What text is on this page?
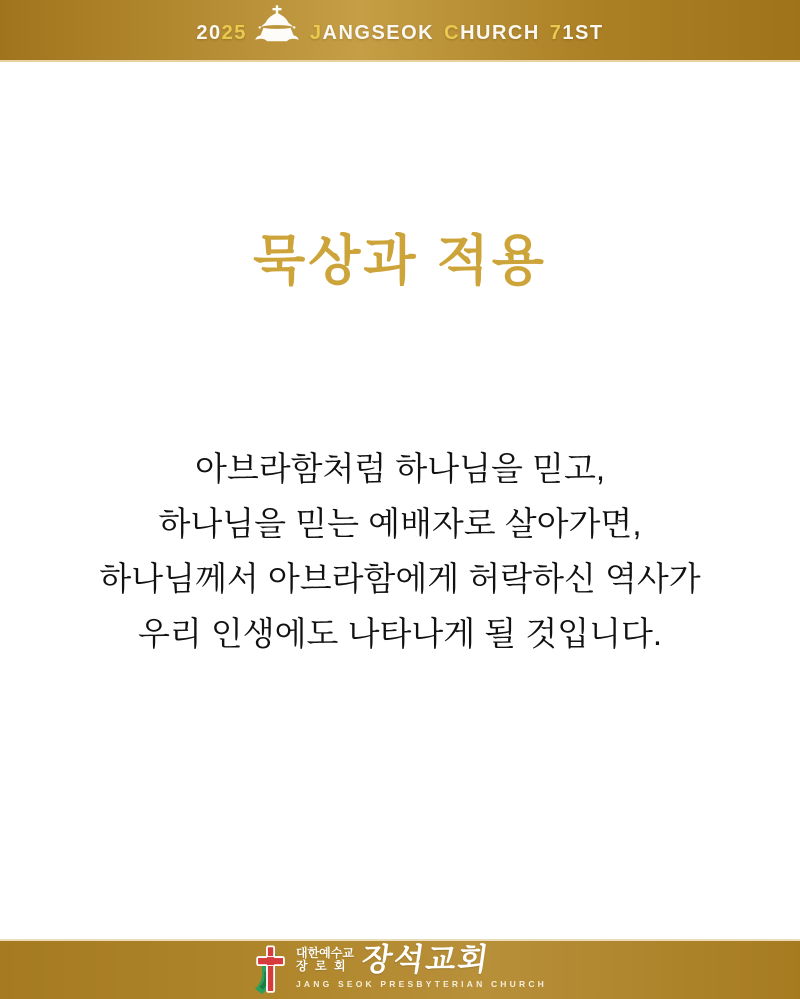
20 25	J ANGSEOK C HURCH 7 1ST
묵상과 적용
아브라함처럼 하나님을 믿고,
하나님을 믿는 예배자로 살아가면,
하나님께서 아브라함에게 허락하신 역사가
우리 인생에도 나타나게 될 것입니다.
대한예수교
장로회 장석교회
JANG SEOK PRESBYTERIAN CHURCH
